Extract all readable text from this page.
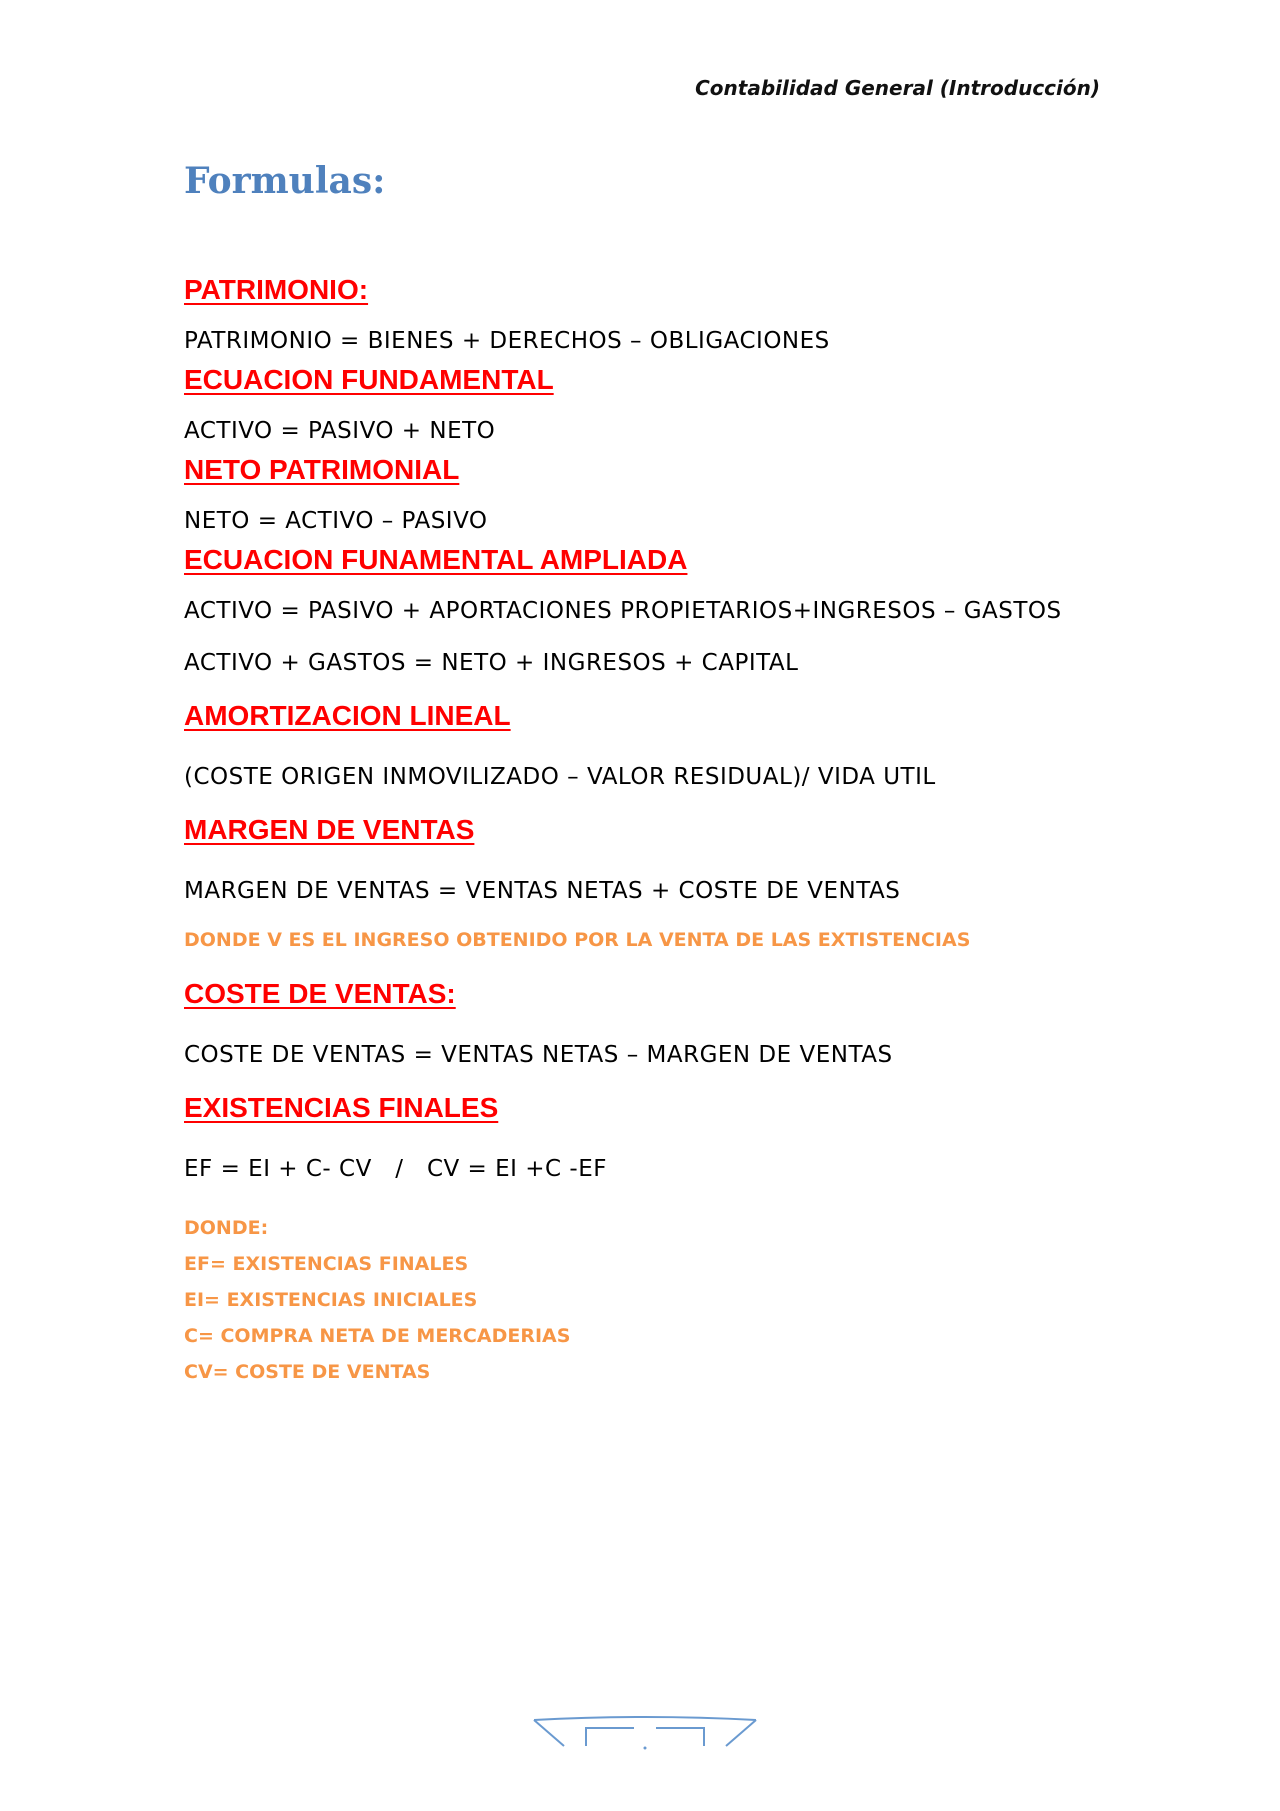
Contabilidad General (Introducción)
Formulas:
PATRIMONIO:

PATRIMONIO = BIENES + DERECHOS – OBLIGACIONES

ECUACION FUNDAMENTAL

ACTIVO = PASIVO + NETO

NETO PATRIMONIAL

NETO = ACTIVO – PASIVO

ECUACION FUNAMENTAL AMPLIADA

ACTIVO = PASIVO + APORTACIONES PROPIETARIOS+INGRESOS – GASTOS

ACTIVO + GASTOS = NETO + INGRESOS + CAPITAL

AMORTIZACION LINEAL

(COSTE ORIGEN INMOVILIZADO – VALOR RESIDUAL)/ VIDA UTIL

MARGEN DE VENTAS

MARGEN DE VENTAS = VENTAS NETAS + COSTE DE VENTAS

DONDE V ES EL INGRESO OBTENIDO POR LA VENTA DE LAS EXTISTENCIAS

COSTE DE VENTAS:

COSTE DE VENTAS = VENTAS NETAS – MARGEN DE VENTAS

EXISTENCIAS FINALES

EF = EI + C- CV   /   CV = EI +C -EF

DONDE:

EF= EXISTENCIAS FINALES

EI= EXISTENCIAS INICIALES

C= COMPRA NETA DE MERCADERIAS

CV= COSTE DE VENTAS
